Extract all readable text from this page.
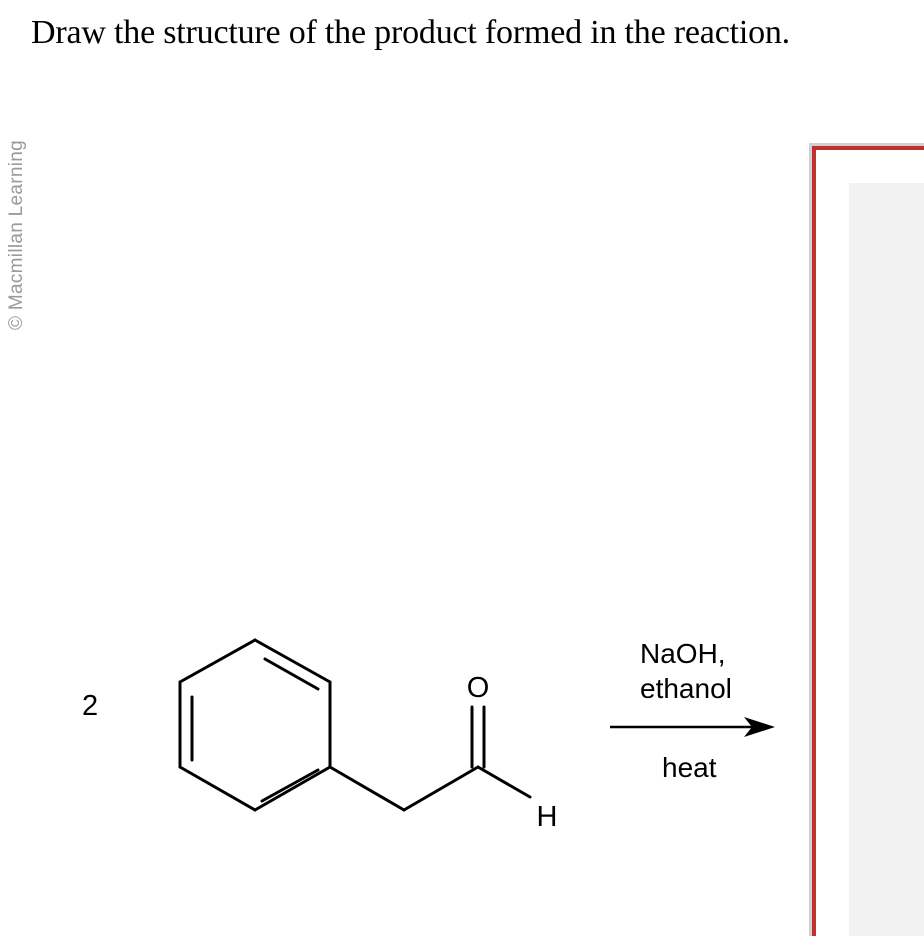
© Macmillan Learning
Draw the structure of the product formed in the reaction.
2
O
H
NaOH,
ethanol
heat
